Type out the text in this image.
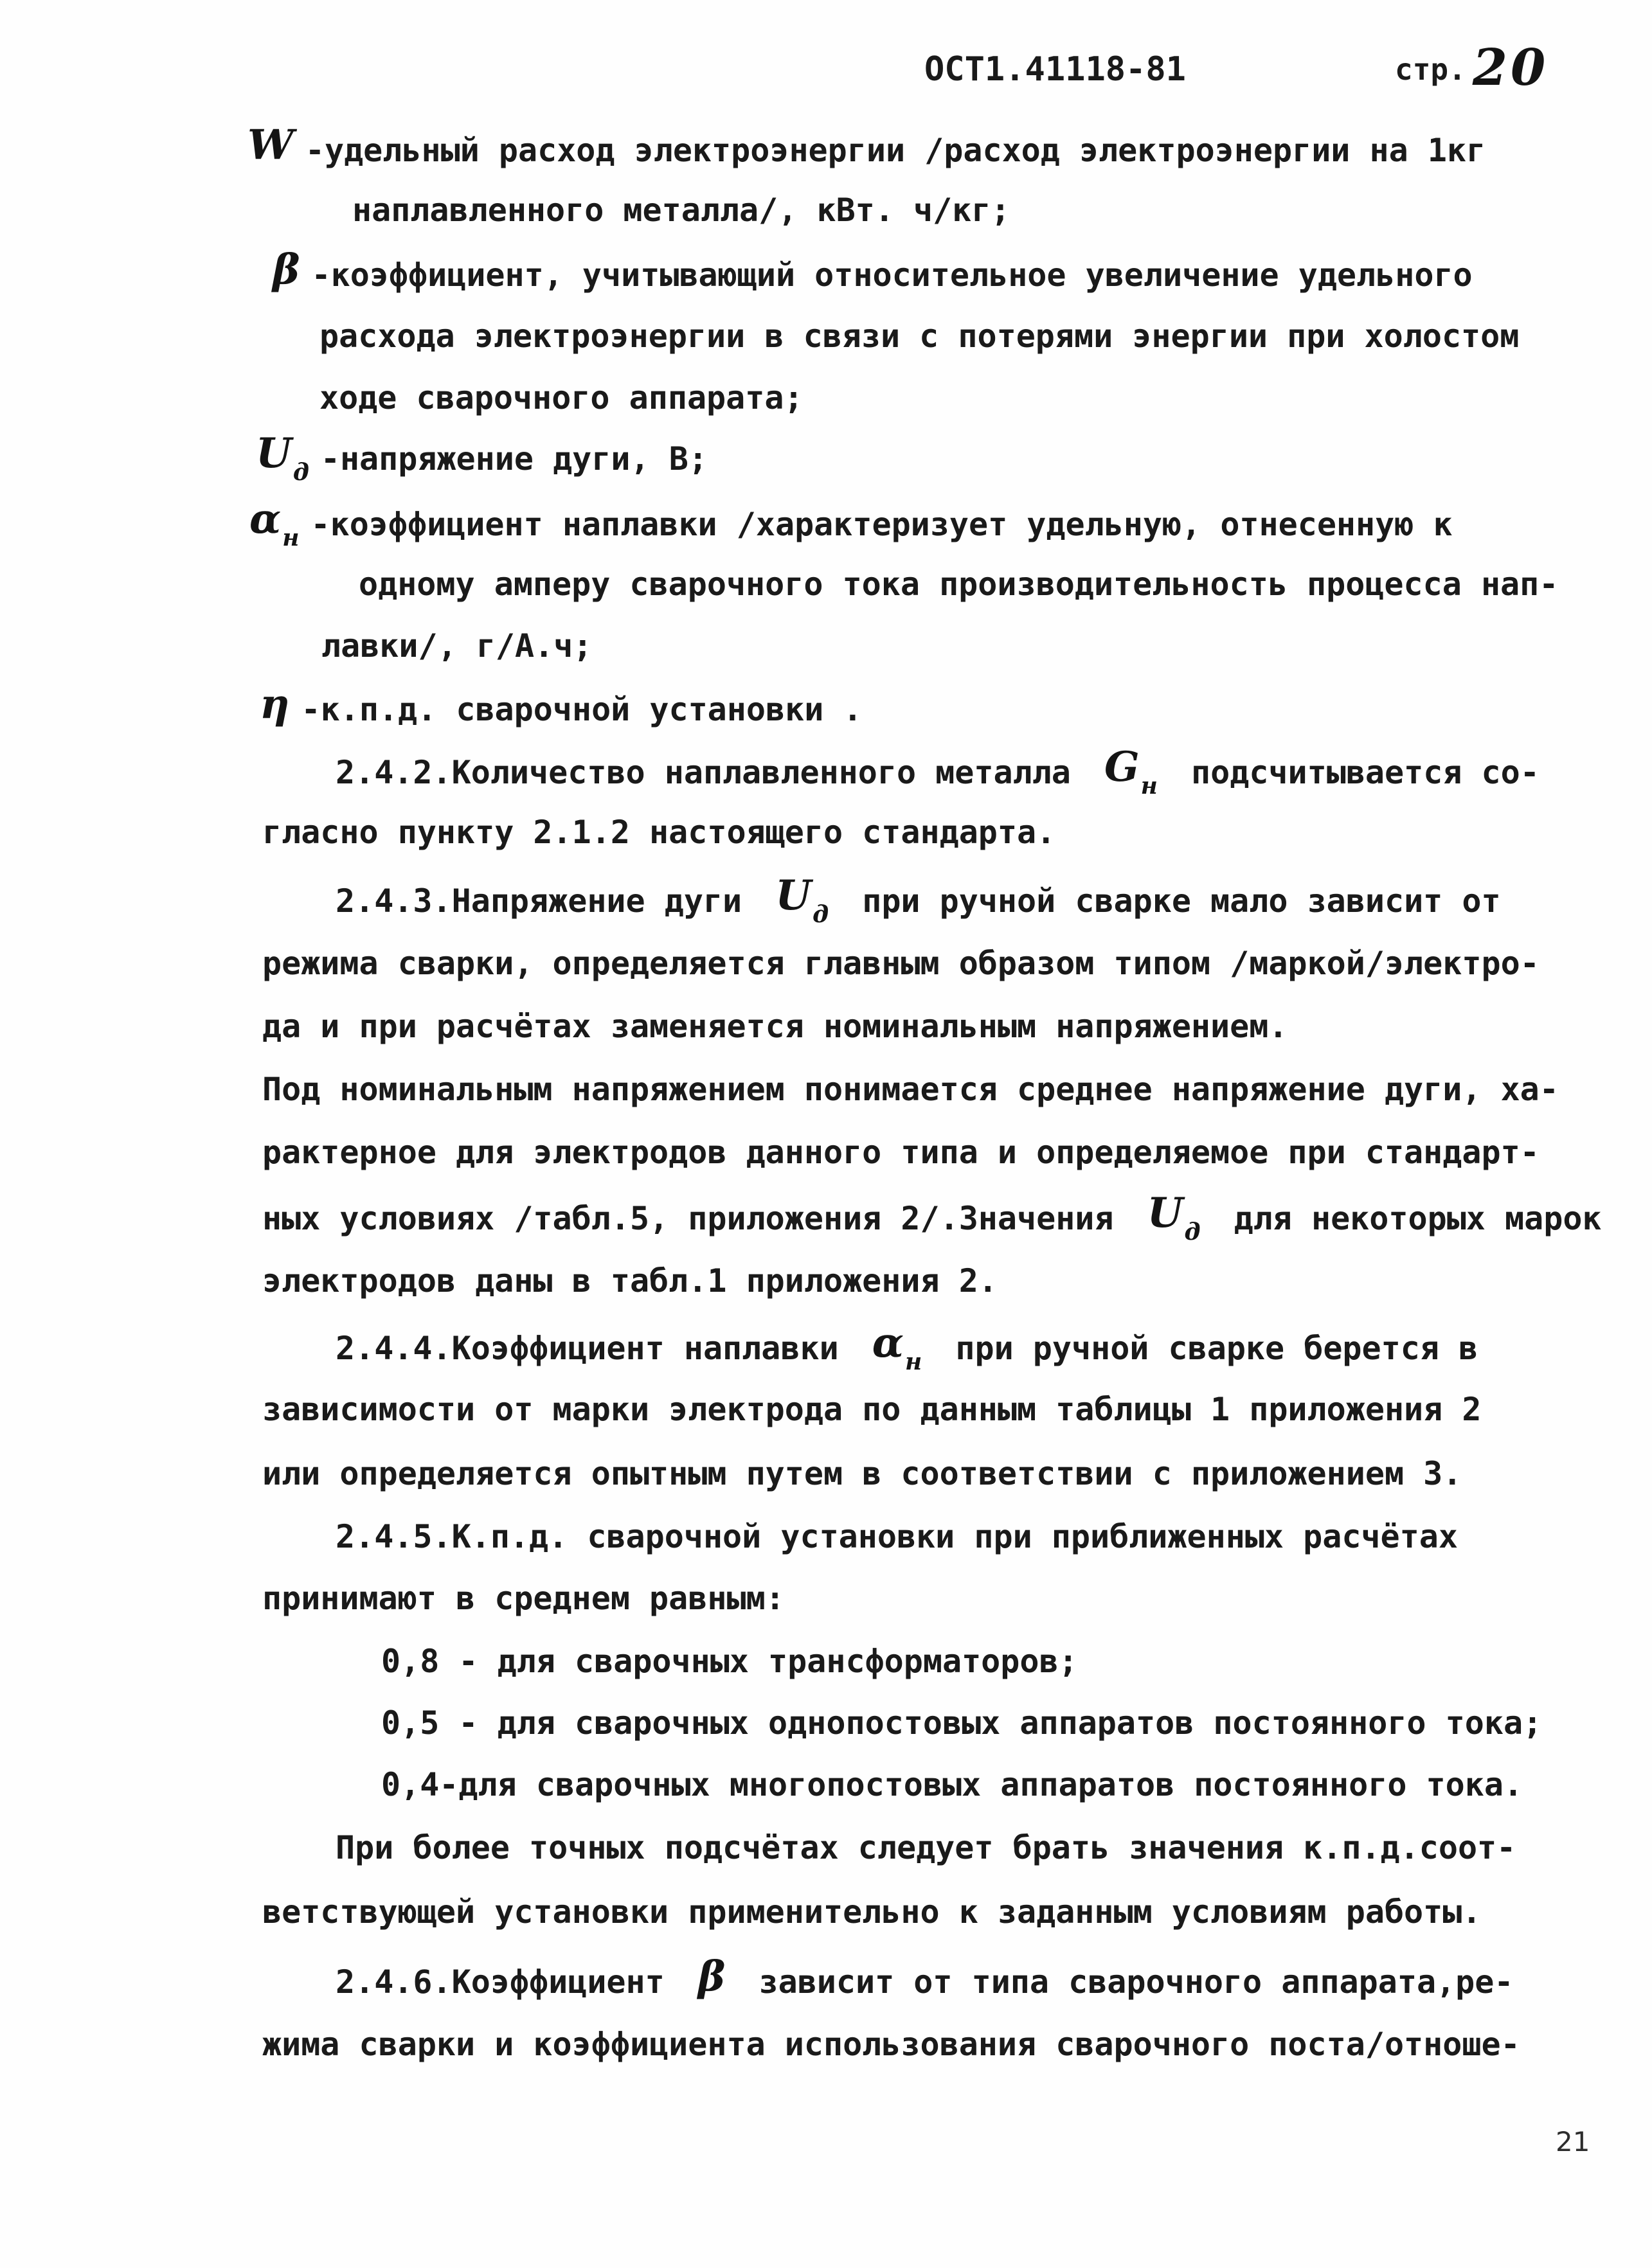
ОСТ1.41118-81	стр. 20
W -удельный расход электроэнергии /расход электроэнергии на 1кг
наплавленного металла/, кВт. ч/кг;
β -коэффициент, учитывающий относительное увеличение удельного
расхода электроэнергии в связи с потерями энергии при холостом
ходе сварочного аппарата;
$U_д$ -напряжение дуги, В;
$\alpha_н$ -коэффициент наплавки /характеризует удельную, отнесенную к
одному амперу сварочного тока производительность процесса нап-
лавки/, г/А.ч;
η -к.п.д. сварочной установки .
2.4.2.Количество наплавленного металла $G_н$ подсчитывается со-
гласно пункту 2.1.2 настоящего стандарта.
2.4.3.Напряжение дуги $U_д$ при ручной сварке мало зависит от
режима сварки, определяется главным образом типом /маркой/электро-
да и при расчётах заменяется номинальным напряжением.
Под номинальным напряжением понимается среднее напряжение дуги, ха-
рактерное для электродов данного типа и определяемое при стандарт-
ных условиях /табл.5, приложения 2/.Значения $U_д$ для некоторых марок
электродов даны в табл.1 приложения 2.
2.4.4.Коэффициент наплавки $\alpha_н$ при ручной сварке берется в
зависимости от марки электрода по данным таблицы 1 приложения 2
или определяется опытным путем в соответствии с приложением 3.
2.4.5.К.п.д. сварочной установки при приближенных расчётах
принимают в среднем равным:
0,8 - для сварочных трансформаторов;
0,5 - для сварочных однопостовых аппаратов постоянного тока;
0,4-для сварочных многопостовых аппаратов постоянного тока.
При более точных подсчётах следует брать значения к.п.д.соот-
ветствующей установки применительно к заданным условиям работы.
2.4.6.Коэффициент β зависит от типа сварочного аппарата,ре-
жима сварки и коэффициента использования сварочного поста/отноше-
21
